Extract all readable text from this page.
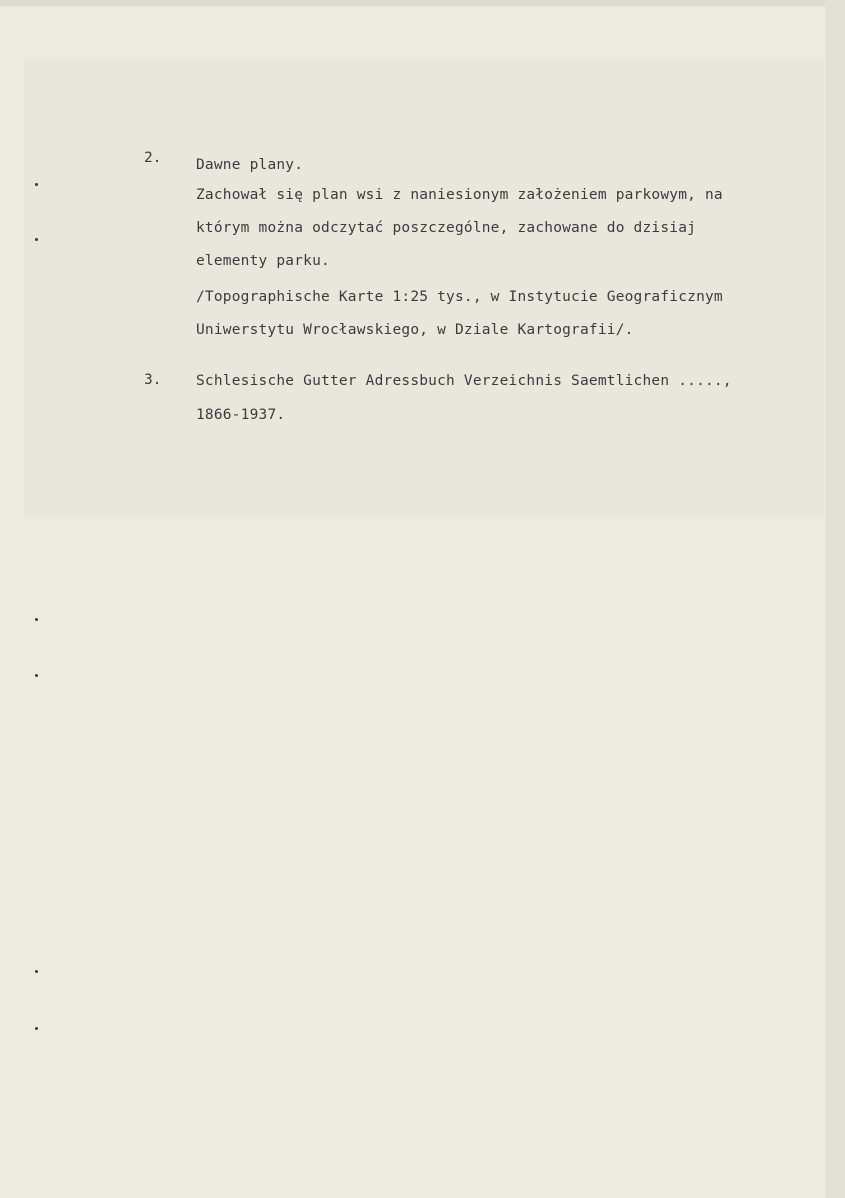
2. Dawne plany.
Zachował się plan wsi z naniesionym założeniem parkowym, na
którym można odczytać poszczególne, zachowane do dzisiaj
elementy parku.
/Topographische Karte 1:25 tys., w Instytucie Geograficznym
Uniwerstytu Wrocławskiego, w Dziale Kartografii/.
3. Schlesische Gutter Adressbuch Verzeichnis Saemtlichen .....,
1866-1937.
